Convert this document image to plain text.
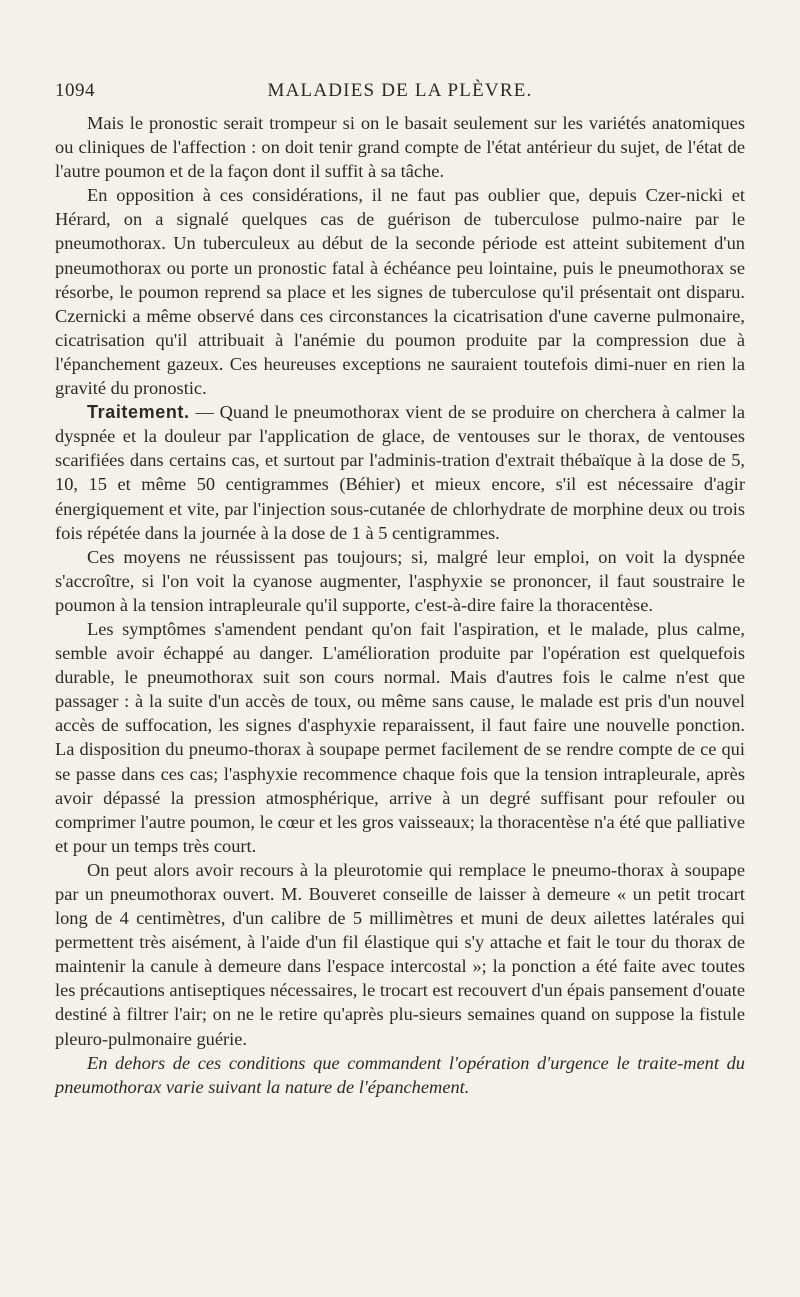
1094	MALADIES DE LA PLÈVRE.

Mais le pronostic serait trompeur si on le basait seulement sur les variétés anatomiques ou cliniques de l'affection : on doit tenir grand compte de l'état antérieur du sujet, de l'état de l'autre poumon et de la façon dont il suffit à sa tâche.

En opposition à ces considérations, il ne faut pas oublier que, depuis Czer-nicki et Hérard, on a signalé quelques cas de guérison de tuberculose pulmo-naire par le pneumothorax. Un tuberculeux au début de la seconde période est atteint subitement d'un pneumothorax ou porte un pronostic fatal à échéance peu lointaine, puis le pneumothorax se résorbe, le poumon reprend sa place et les signes de tuberculose qu'il présentait ont disparu. Czernicki a même observé dans ces circonstances la cicatrisation d'une caverne pulmonaire, cicatrisation qu'il attribuait à l'anémie du poumon produite par la compression due à l'épanchement gazeux. Ces heureuses exceptions ne sauraient toutefois dimi-nuer en rien la gravité du pronostic.

Traitement. — Quand le pneumothorax vient de se produire on cherchera à calmer la dyspnée et la douleur par l'application de glace, de ventouses sur le thorax, de ventouses scarifiées dans certains cas, et surtout par l'adminis-tration d'extrait thébaïque à la dose de 5, 10, 15 et même 50 centigrammes (Béhier) et mieux encore, s'il est nécessaire d'agir énergiquement et vite, par l'injection sous-cutanée de chlorhydrate de morphine deux ou trois fois répétée dans la journée à la dose de 1 à 5 centigrammes.

Ces moyens ne réussissent pas toujours; si, malgré leur emploi, on voit la dyspnée s'accroître, si l'on voit la cyanose augmenter, l'asphyxie se prononcer, il faut soustraire le poumon à la tension intrapleurale qu'il supporte, c'est-à-dire faire la thoracentèse.

Les symptômes s'amendent pendant qu'on fait l'aspiration, et le malade, plus calme, semble avoir échappé au danger. L'amélioration produite par l'opération est quelquefois durable, le pneumothorax suit son cours normal. Mais d'autres fois le calme n'est que passager : à la suite d'un accès de toux, ou même sans cause, le malade est pris d'un nouvel accès de suffocation, les signes d'asphyxie reparaissent, il faut faire une nouvelle ponction. La disposition du pneumo-thorax à soupape permet facilement de se rendre compte de ce qui se passe dans ces cas; l'asphyxie recommence chaque fois que la tension intrapleurale, après avoir dépassé la pression atmosphérique, arrive à un degré suffisant pour refouler ou comprimer l'autre poumon, le cœur et les gros vaisseaux; la thoracentèse n'a été que palliative et pour un temps très court.

On peut alors avoir recours à la pleurotomie qui remplace le pneumo-thorax à soupape par un pneumothorax ouvert. M. Bouveret conseille de laisser à demeure « un petit trocart long de 4 centimètres, d'un calibre de 5 millimètres et muni de deux ailettes latérales qui permettent très aisément, à l'aide d'un fil élastique qui s'y attache et fait le tour du thorax de maintenir la canule à demeure dans l'espace intercostal »; la ponction a été faite avec toutes les précautions antiseptiques nécessaires, le trocart est recouvert d'un épais pansement d'ouate destiné à filtrer l'air; on ne le retire qu'après plu-sieurs semaines quand on suppose la fistule pleuro-pulmonaire guérie.

En dehors de ces conditions que commandent l'opération d'urgence le traite-ment du pneumothorax varie suivant la nature de l'épanchement.
